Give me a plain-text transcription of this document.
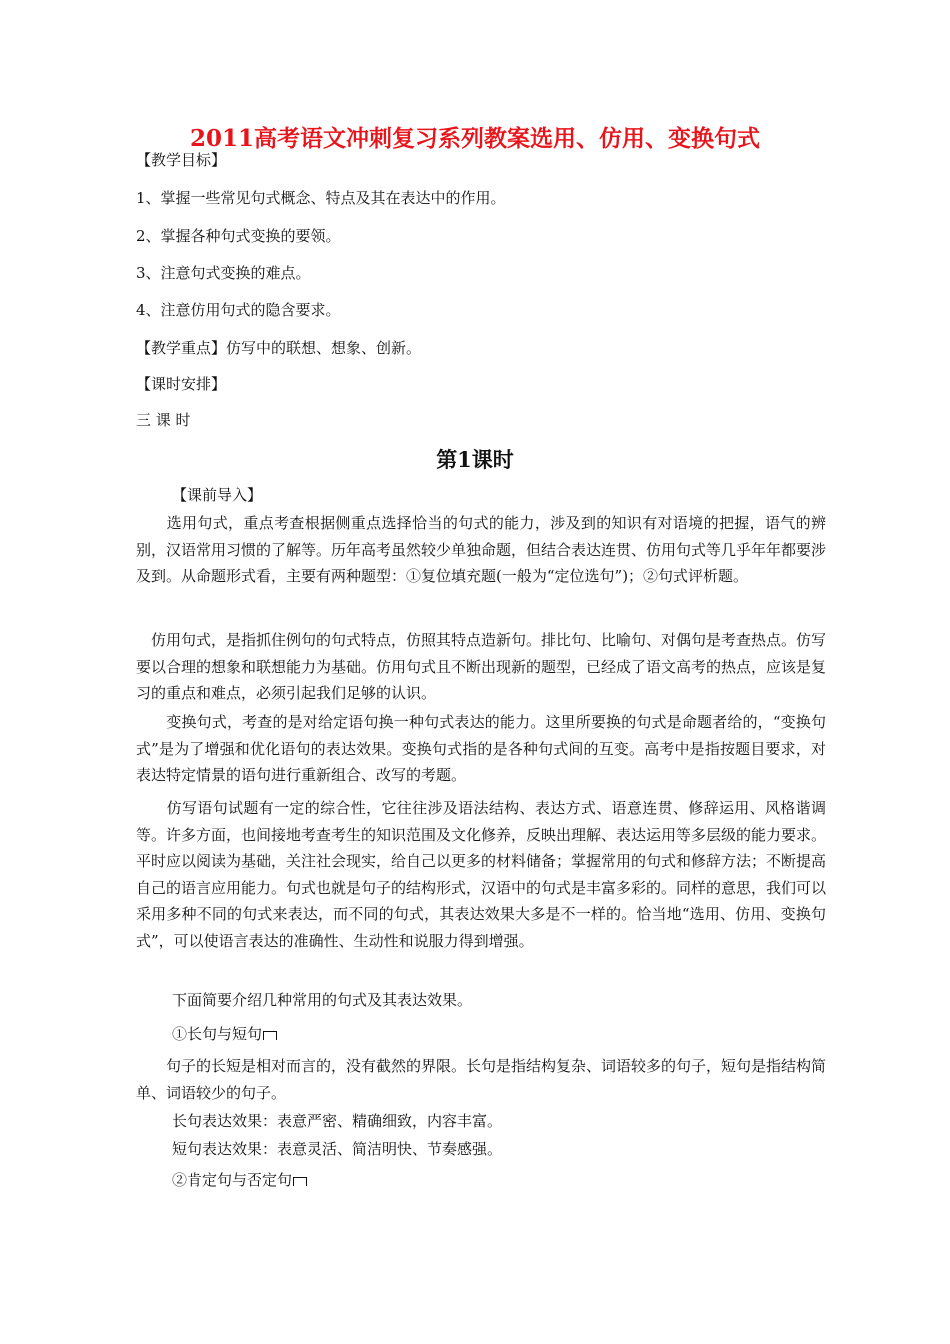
2011高考语文冲刺复习系列教案选用、仿用、变换句式
【教学目标】
1、掌握一些常见句式概念、特点及其在表达中的作用。
2、掌握各种句式变换的要领。
3、注意句式变换的难点。
4、注意仿用句式的隐含要求。
【教学重点】仿写中的联想、想象、创新。
【课时安排】
三 课 时
第1课时
【课前导入】

　　选用句式，重点考查根据侧重点选择恰当的句式的能力，涉及到的知识有对语境的把握，语气的辨别，汉语常用习惯的了解等。历年高考虽然较少单独命题，但结合表达连贯、仿用句式等几乎年年都要涉及到。从命题形式看，主要有两种题型：①复位填充题(一般为“定位选句”)；②句式评析题。

　仿用句式，是指抓住例句的句式特点，仿照其特点造新句。排比句、比喻句、对偶句是考查热点。仿写要以合理的想象和联想能力为基础。仿用句式且不断出现新的题型，已经成了语文高考的热点，应该是复习的重点和难点，必须引起我们足够的认识。

　　变换句式，考查的是对给定语句换一种句式表达的能力。这里所要换的句式是命题者给的，“变换句式”是为了增强和优化语句的表达效果。变换句式指的是各种句式间的互变。高考中是指按题目要求，对表达特定情景的语句进行重新组合、改写的考题。

　　仿写语句试题有一定的综合性，它往往涉及语法结构、表达方式、语意连贯、修辞运用、风格谐调等。许多方面，也间接地考查考生的知识范围及文化修养，反映出理解、表达运用等多层级的能力要求。平时应以阅读为基础，关注社会现实，给自己以更多的材料储备；掌握常用的句式和修辞方法；不断提高自己的语言应用能力。句式也就是句子的结构形式，汉语中的句式是丰富多彩的。同样的意思，我们可以采用多种不同的句式来表达，而不同的句式，其表达效果大多是不一样的。恰当地“选用、仿用、变换句式”，可以使语言表达的准确性、生动性和说服力得到增强。

下面简要介绍几种常用的句式及其表达效果。
①长句与短句

　　句子的长短是相对而言的，没有截然的界限。长句是指结构复杂、词语较多的句子，短句是指结构简单、词语较少的句子。

长句表达效果：表意严密、精确细致，内容丰富。
短句表达效果：表意灵活、简洁明快、节奏感强。
②肯定句与否定句
